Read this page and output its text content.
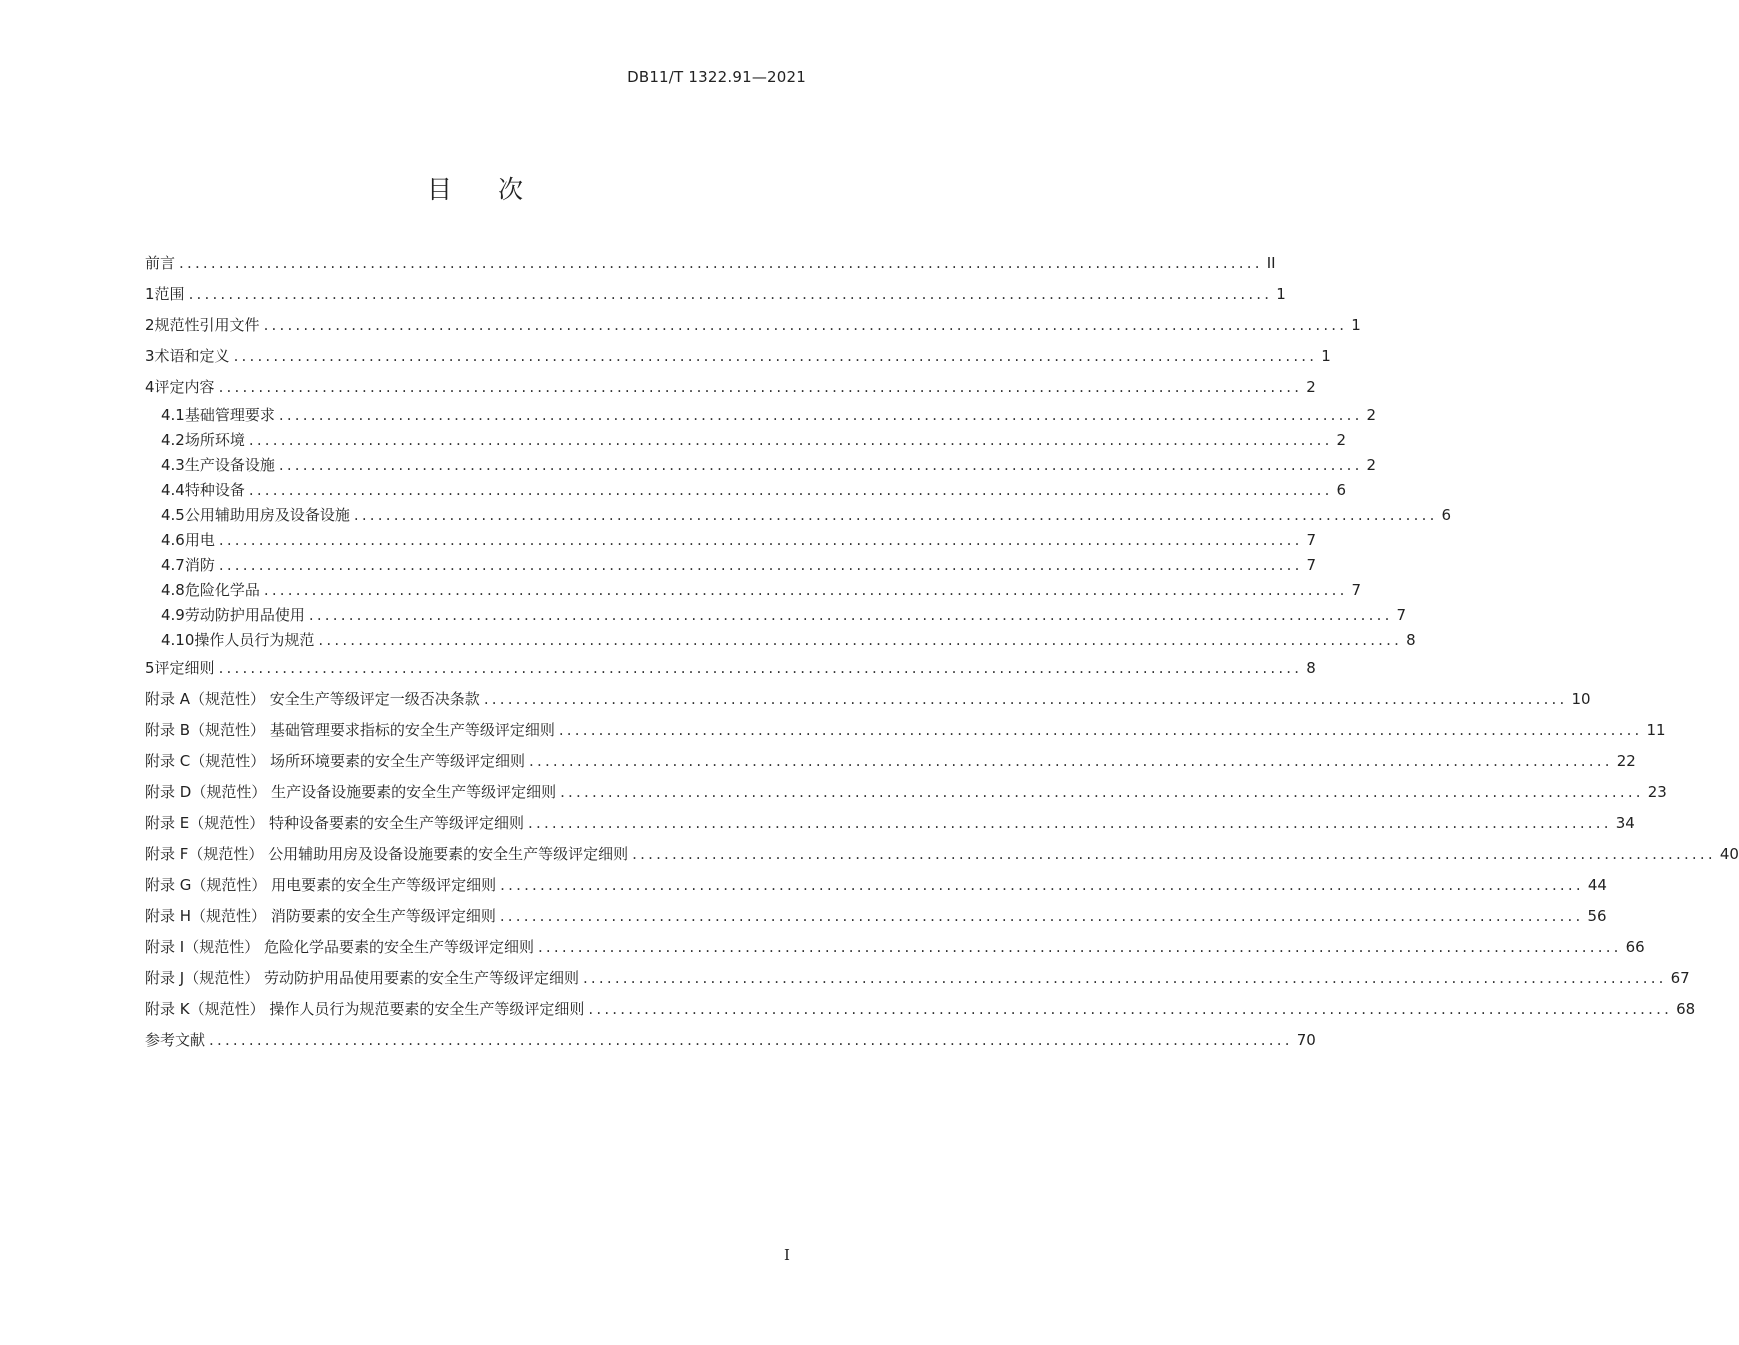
DB11/T 1322.91—2021
目次
前言 ........................................................................................................................................ II
1 范围 ........................................................................................................................................ 1
2 规范性引用文件 ........................................................................................................................................ 1
3 术语和定义 ........................................................................................................................................ 1
4 评定内容 ........................................................................................................................................ 2
4.1 基础管理要求 ........................................................................................................................................ 2
4.2 场所环境 ........................................................................................................................................ 2
4.3 生产设备设施 ........................................................................................................................................ 2
4.4 特种设备 ........................................................................................................................................ 6
4.5 公用辅助用房及设备设施 ........................................................................................................................................ 6
4.6 用电 ........................................................................................................................................ 7
4.7 消防 ........................................................................................................................................ 7
4.8 危险化学品 ........................................................................................................................................ 7
4.9 劳动防护用品使用 ........................................................................................................................................ 7
4.10 操作人员行为规范 ........................................................................................................................................ 8
5 评定细则 ........................................................................................................................................ 8
附录 A（规范性） 安全生产等级评定一级否决条款 ........................................................................................................................................ 10
附录 B（规范性） 基础管理要求指标的安全生产等级评定细则 ........................................................................................................................................ 11
附录 C（规范性） 场所环境要素的安全生产等级评定细则 ........................................................................................................................................ 22
附录 D（规范性） 生产设备设施要素的安全生产等级评定细则 ........................................................................................................................................ 23
附录 E（规范性） 特种设备要素的安全生产等级评定细则 ........................................................................................................................................ 34
附录 F（规范性） 公用辅助用房及设备设施要素的安全生产等级评定细则 ........................................................................................................................................ 40
附录 G（规范性） 用电要素的安全生产等级评定细则 ........................................................................................................................................ 44
附录 H（规范性） 消防要素的安全生产等级评定细则 ........................................................................................................................................ 56
附录 I（规范性） 危险化学品要素的安全生产等级评定细则 ........................................................................................................................................ 66
附录 J（规范性） 劳动防护用品使用要素的安全生产等级评定细则 ........................................................................................................................................ 67
附录 K（规范性） 操作人员行为规范要素的安全生产等级评定细则 ........................................................................................................................................ 68
参考文献 ........................................................................................................................................ 70
I
